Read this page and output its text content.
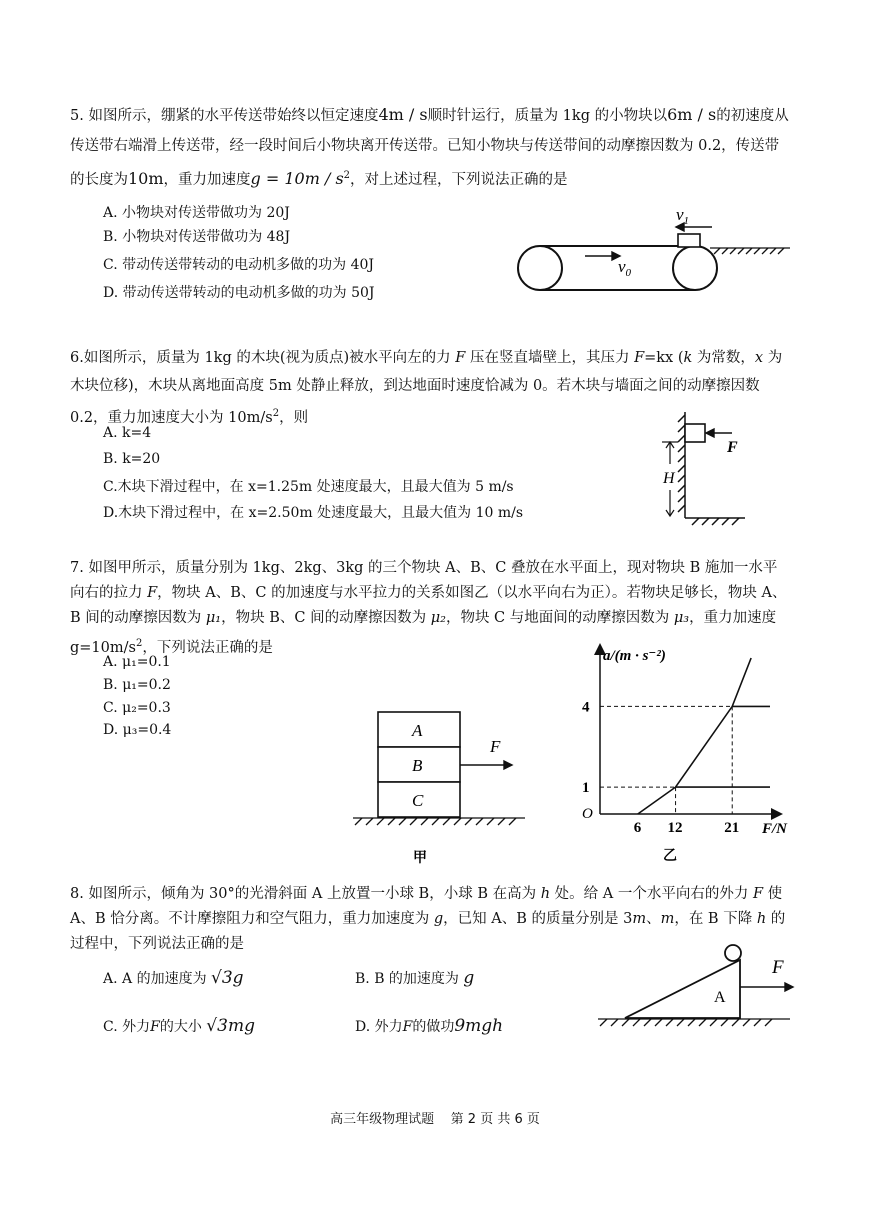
5. 如图所示，绷紧的水平传送带始终以恒定速度4m / s顺时针运行，质量为 1kg 的小物块以6m / s的初速度从传送带右端滑上传送带，经一段时间后小物块离开传送带。已知小物块与传送带间的动摩擦因数为 0.2，传送带的长度为10m，重力加速度$g = 10m / s^2$，对上述过程，下列说法正确的是
A. 小物块对传送带做功为 20J
B. 小物块对传送带做功为 48J
C. 带动传送带转动的电动机多做的功为 40J
D. 带动传送带转动的电动机多做的功为 50J
$v_1$
$v_0$
6.如图所示，质量为 1kg 的木块(视为质点)被水平向左的力 F 压在竖直墙壁上，其压力 F=kx (k 为常数，x 为木块位移)，木块从离地面高度 5m 处静止释放，到达地面时速度恰减为 0。若木块与墙面之间的动摩擦因数 0.2，重力加速度大小为 $10m/s^2$，则
A. k=4
B. k=20
C.木块下滑过程中，在 x=1.25m 处速度最大，且最大值为 5 m/s
D.木块下滑过程中，在 x=2.50m 处速度最大，且最大值为 10 m/s
F
H
7. 如图甲所示，质量分别为 1kg、2kg、3kg 的三个物块 A、B、C 叠放在水平面上，现对物块 B 施加一水平向右的拉力 F，物块 A、B、C 的加速度与水平拉力的关系如图乙（以水平向右为正）。若物块足够长，物块 A、B 间的动摩擦因数为 μ₁，物块 B、C 间的动摩擦因数为 μ₂，物块 C 与地面间的动摩擦因数为 μ₃，重力加速度 $g=10m/s^2$，下列说法正确的是
A. μ₁=0.1
B. μ₁=0.2
C. μ₂=0.3
D. μ₃=0.4	A
B
C
F
甲
a/(m · s⁻²)
F/N
O
1
4
6 12	21
乙
8. 如图所示，倾角为 30°的光滑斜面 A 上放置一小球 B，小球 B 在高为 h 处。给 A 一个水平向右的外力 F 使 A、B 恰分离。不计摩擦阻力和空气阻力，重力加速度为 g，已知 A、B 的质量分别是 3m、m，在 B 下降 h 的过程中，下列说法正确的是
A. A 的加速度为 √3g	B. B 的加速度为 g
C. 外力F的大小 √3mg	D. 外力F的做功9mgh
A
F
高三年级物理试题 第 2 页 共 6 页
